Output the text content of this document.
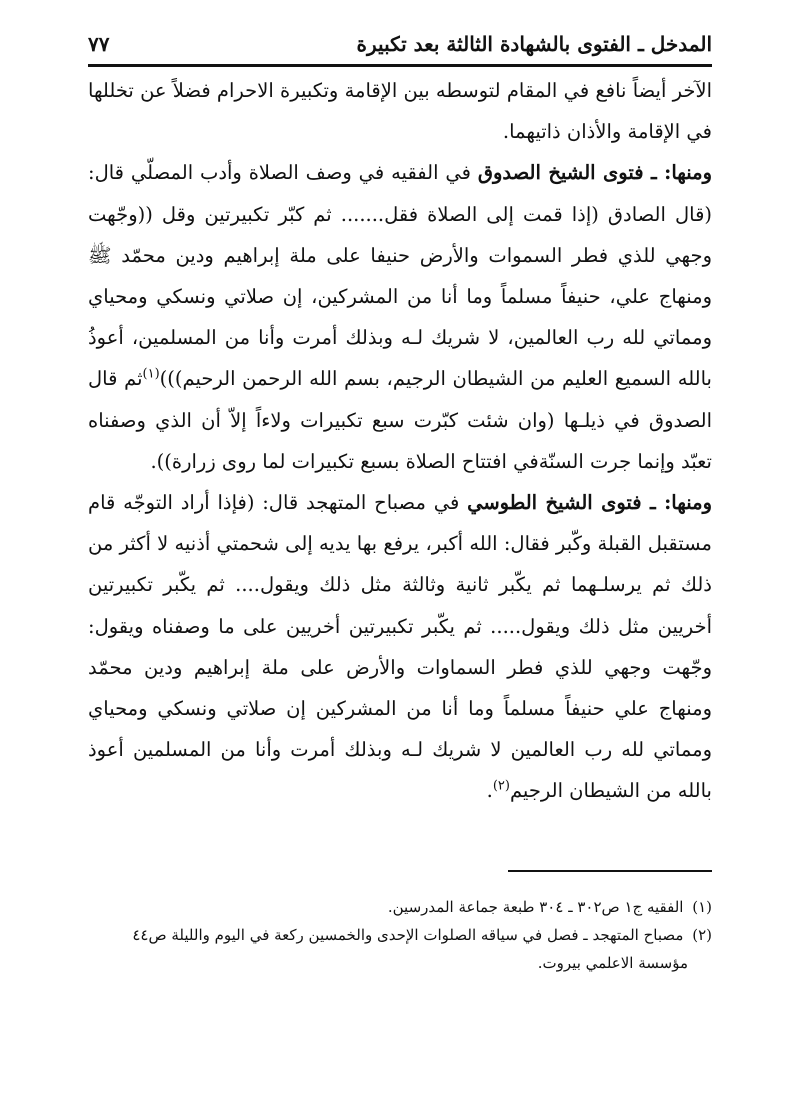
المدخل ـ الفتوى بالشهادة الثالثة بعد تكبيرة
٧٧

الآخر أيضاً نافع في المقام لتوسطه بين الإقامة وتكبيرة الاحرام فضلاً عن تخللها في الإقامة والأذان ذاتيهما.

ومنها: ـ فتوى الشيخ الصدوق في الفقيه في وصف الصلاة وأدب المصلّي قال: (قال الصادق (إذا قمت إلى الصلاة فقل....... ثم كبّر تكبيرتين وقل ((وجّهت وجهي للذي فطر السموات والأرض حنيفا على ملة إبراهيم ودين محمّد ﷺ ومنهاج علي، حنيفاً مسلماً وما أنا من المشركين، إن صلاتي ونسكي ومحياي ومماتي لله رب العالمين، لا شريك لـه وبذلك أمرت وأنا من المسلمين، أعوذُ بالله السميع العليم من الشيطان الرجيم، بسم الله الرحمن الرحيم)))$^{(١)}$ثم قال الصدوق في ذيلـها (وان شئت كبّرت سبع تكبيرات ولاءاً إلاّ أن الذي وصفناه تعبّد وإنما جرت السنّةفي افتتاح الصلاة بسبع تكبيرات لما روى زرارة)).

ومنها: ـ فتوى الشيخ الطوسي في مصباح المتهجد قال: (فإذا أراد التوجّه قام مستقبل القبلة وكّبر فقال: الله أكبر، يرفع بها يديه إلى شحمتي أذنيه لا أكثر من ذلك ثم يرسلـهما ثم يكّبر ثانية وثالثة مثل ذلك ويقول.... ثم يكّبر تكبيرتين أخريين مثل ذلك ويقول..... ثم يكّبر تكبيرتين أخريين على ما وصفناه ويقول: وجّهت وجهي للذي فطر السماوات والأرض على ملة إبراهيم ودين محمّد ومنهاج علي حنيفاً مسلماً وما أنا من المشركين إن صلاتي ونسكي ومحياي ومماتي لله رب العالمين لا شريك لـه وبذلك أمرت وأنا من المسلمين أعوذ بالله من الشيطان الرجيم$^{(٢)}$.

(١) الفقيه ج١ ص٣٠٢ ـ ٣٠٤ طبعة جماعة المدرسين.

(٢) مصباح المتهجد ـ فصل في سياقه الصلوات الإحدى والخمسين ركعة في اليوم والليلة ص٤٤

مؤسسة الاعلمي بيروت.
